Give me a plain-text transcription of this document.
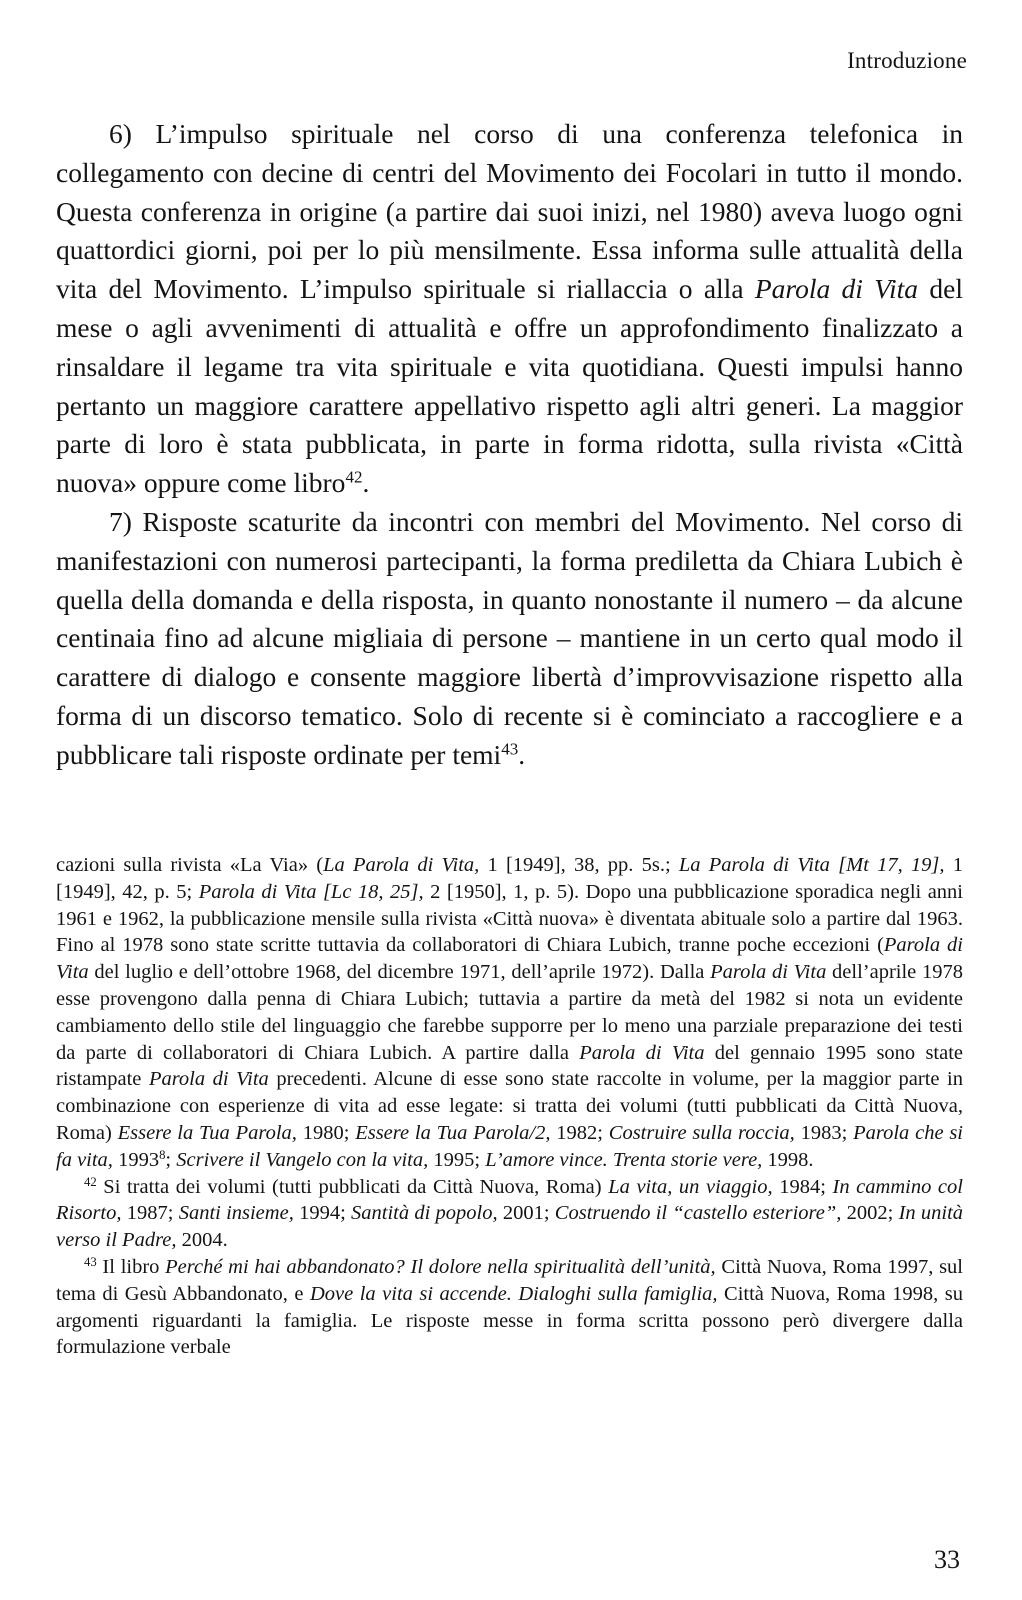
Introduzione

6) L’impulso spirituale nel corso di una conferenza telefonica in collegamento con decine di centri del Movimento dei Focolari in tutto il mondo. Questa conferenza in origine (a partire dai suoi inizi, nel 1980) aveva luogo ogni quattordici giorni, poi per lo più mensilmente. Essa informa sulle attualità della vita del Movimento. L’impulso spirituale si riallaccia o alla Parola di Vita del mese o agli avvenimenti di attualità e offre un approfondimento finalizzato a rinsaldare il legame tra vita spirituale e vita quotidiana. Questi impulsi hanno pertanto un maggiore carattere appellativo rispetto agli altri generi. La maggior parte di loro è stata pubblicata, in parte in forma ridotta, sulla rivista «Città nuova» oppure come libro$^{42}$.

7) Risposte scaturite da incontri con membri del Movimento. Nel corso di manifestazioni con numerosi partecipanti, la forma prediletta da Chiara Lubich è quella della domanda e della risposta, in quanto nonostante il numero – da alcune centinaia fino ad alcune migliaia di persone – mantiene in un certo qual modo il carattere di dialogo e consente maggiore libertà d’improvvisazione rispetto alla forma di un discorso tematico. Solo di recente si è cominciato a raccogliere e a pubblicare tali risposte ordinate per temi$^{43}$.

cazioni sulla rivista «La Via» (La Parola di Vita, 1 [1949], 38, pp. 5s.; La Parola di Vita [Mt 17, 19], 1 [1949], 42, p. 5; Parola di Vita [Lc 18, 25], 2 [1950], 1, p. 5). Dopo una pubblicazione sporadica negli anni 1961 e 1962, la pubblicazione mensile sulla rivista «Città nuova» è diventata abituale solo a partire dal 1963. Fino al 1978 sono state scritte tuttavia da collaboratori di Chiara Lubich, tranne poche eccezioni (Parola di Vita del luglio e dell’ottobre 1968, del dicembre 1971, dell’aprile 1972). Dalla Parola di Vita dell’aprile 1978 esse provengono dalla penna di Chiara Lubich; tuttavia a partire da metà del 1982 si nota un evidente cambiamento dello stile del linguaggio che farebbe supporre per lo meno una parziale preparazione dei testi da parte di collaboratori di Chiara Lubich. A partire dalla Parola di Vita del gennaio 1995 sono state ristampate Parola di Vita precedenti. Alcune di esse sono state raccolte in volume, per la maggior parte in combinazione con esperienze di vita ad esse legate: si tratta dei volumi (tutti pubblicati da Città Nuova, Roma) Essere la Tua Parola, 1980; Essere la Tua Parola/2, 1982; Costruire sulla roccia, 1983; Parola che si fa vita, 1993$^8$; Scrivere il Vangelo con la vita, 1995; L’amore vince. Trenta storie vere, 1998.

$^{42}$ Si tratta dei volumi (tutti pubblicati da Città Nuova, Roma) La vita, un viaggio, 1984; In cammino col Risorto, 1987; Santi insieme, 1994; Santità di popolo, 2001; Costruendo il “castello esteriore”, 2002; In unità verso il Padre, 2004.

$^{43}$ Il libro Perché mi hai abbandonato? Il dolore nella spiritualità dell’unità, Città Nuova, Roma 1997, sul tema di Gesù Abbandonato, e Dove la vita si accende. Dialoghi sulla famiglia, Città Nuova, Roma 1998, su argomenti riguardanti la famiglia. Le risposte messe in forma scritta possono però divergere dalla formulazione verbale

33
